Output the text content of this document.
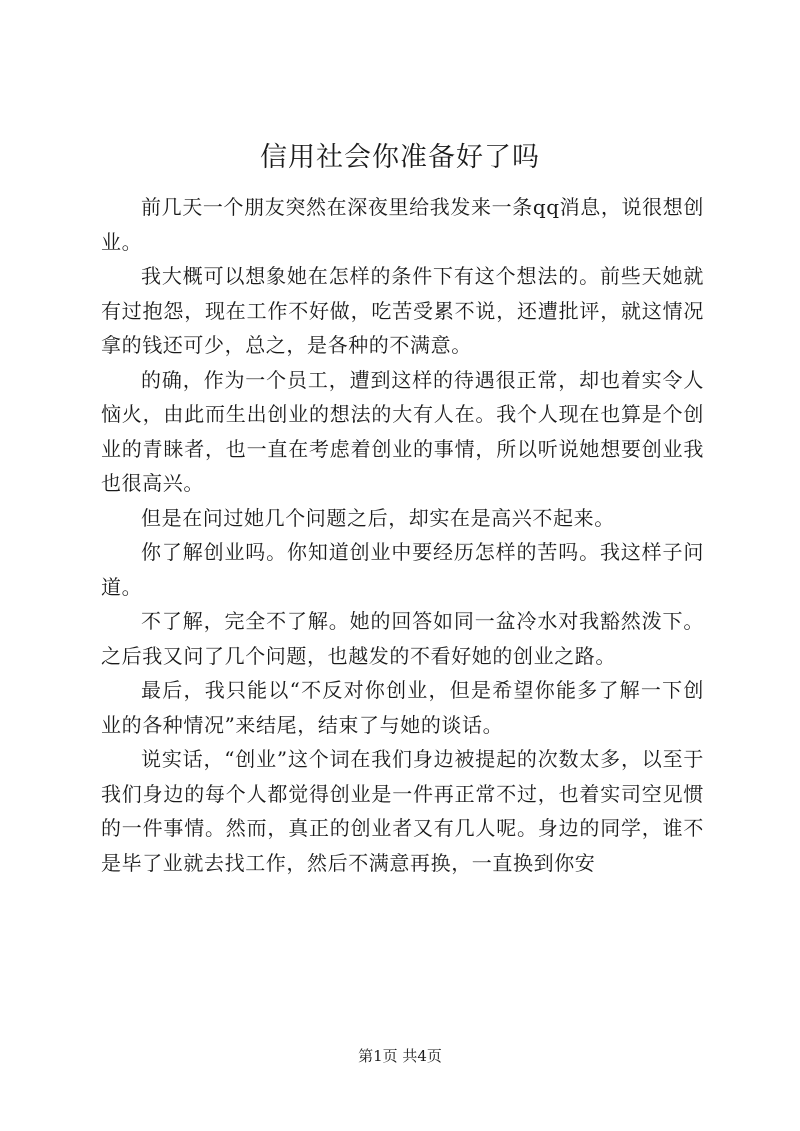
信用社会你准备好了吗

前几天一个朋友突然在深夜里给我发来一条qq消息，说很想创业。

我大概可以想象她在怎样的条件下有这个想法的。前些天她就有过抱怨，现在工作不好做，吃苦受累不说，还遭批评，就这情况拿的钱还可少，总之，是各种的不满意。

的确，作为一个员工，遭到这样的待遇很正常，却也着实令人恼火，由此而生出创业的想法的大有人在。我个人现在也算是个创业的青睐者，也一直在考虑着创业的事情，所以听说她想要创业我也很高兴。

但是在问过她几个问题之后，却实在是高兴不起来。

你了解创业吗。你知道创业中要经历怎样的苦吗。我这样子问道。

不了解，完全不了解。她的回答如同一盆冷水对我豁然泼下。之后我又问了几个问题，也越发的不看好她的创业之路。

最后，我只能以“不反对你创业，但是希望你能多了解一下创业的各种情况”来结尾，结束了与她的谈话。

说实话，“创业”这个词在我们身边被提起的次数太多，以至于我们身边的每个人都觉得创业是一件再正常不过，也着实司空见惯的一件事情。然而，真正的创业者又有几人呢。身边的同学，谁不是毕了业就去找工作，然后不满意再换，一直换到你安

第1页 共4页
